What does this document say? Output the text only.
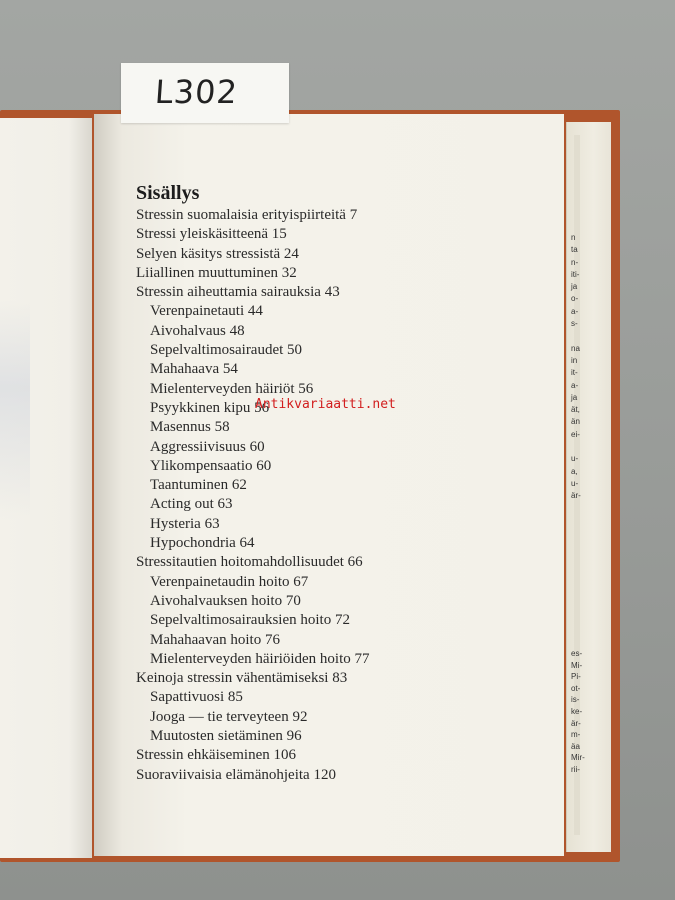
L302
Sisällys
Stressin suomalaisia erityispiirteitä 7
Stressi yleiskäsitteenä 15
Selyen käsitys stressistä 24
Liiallinen muuttuminen 32
Stressin aiheuttamia sairauksia 43
Verenpainetauti 44
Aivohalvaus 48
Sepelvaltimosairaudet 50
Mahahaava 54
Mielenterveyden häiriöt 56
Psyykkinen kipu 56
Masennus 58
Aggressiivisuus 60
Ylikompensaatio 60
Taantuminen 62
Acting out 63
Hysteria 63
Hypochondria 64
Stressitautien hoitomahdollisuudet 66
Verenpainetaudin hoito 67
Aivohalvauksen hoito 70
Sepelvaltimosairauksien hoito 72
Mahahaavan hoito 76
Mielenterveyden häiriöiden hoito 77
Keinoja stressin vähentämiseksi 83
Sapattivuosi 85
Jooga — tie terveyteen 92
Muutosten sietäminen 96
Stressin ehkäiseminen 106
Suoraviivaisia elämänohjeita 120
Antikvariaatti.net
n
ta
n-
iti-
ja
o-
a-
s-
na
in
it-
a-
ja
ät,
än
ei-
u-
a,
u-
är-
es-
Mi-
Pi-
ot-
is-
ke-
är-
m-
äa
Mir-
rii-
